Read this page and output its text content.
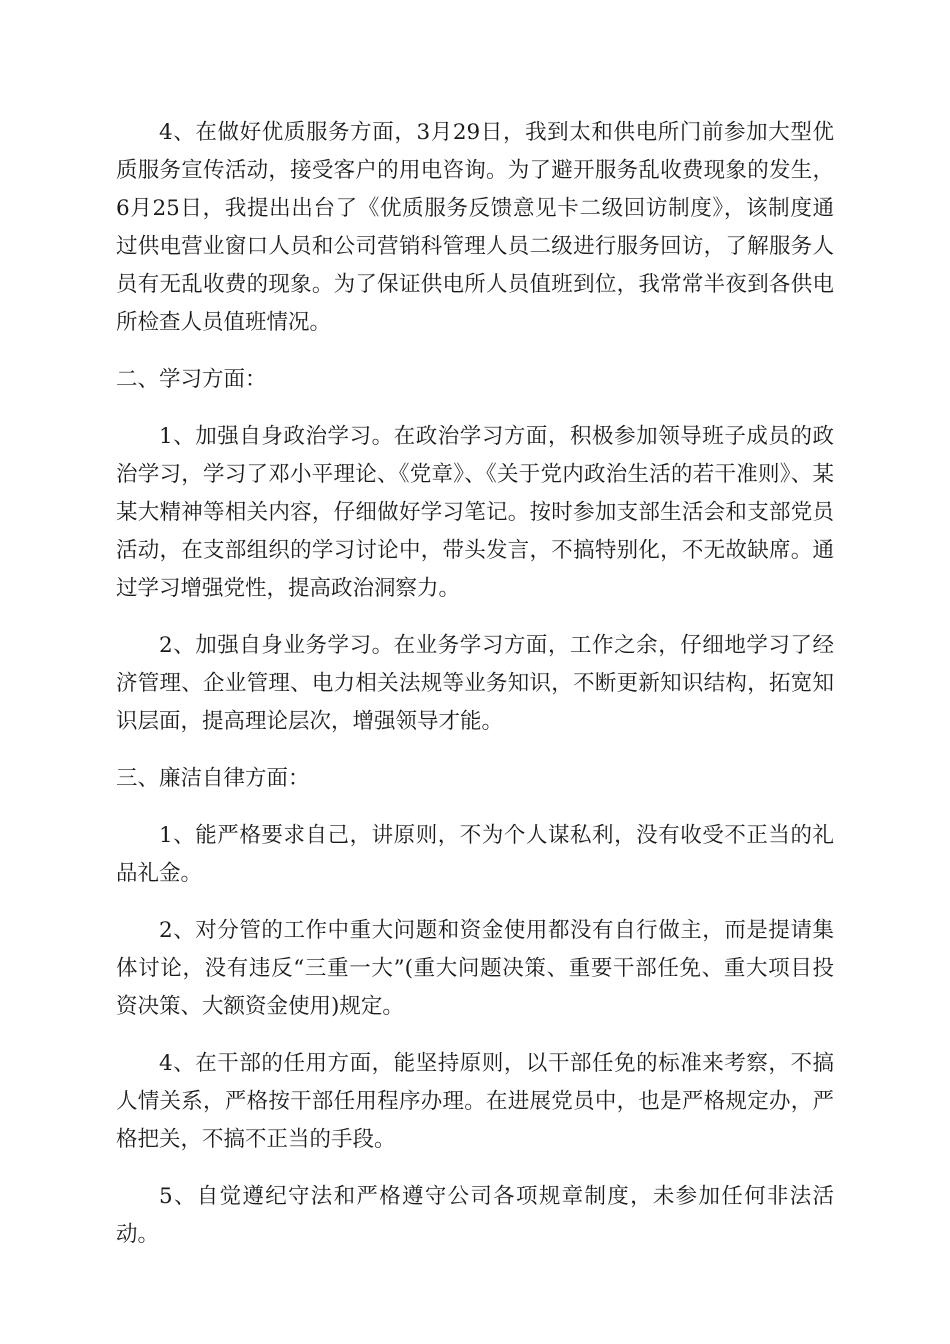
4、在做好优质服务方面，3月29日，我到太和供电所门前参加大型优质服务宣传活动，接受客户的用电咨询。为了避开服务乱收费现象的发生，6月25日，我提出出台了《优质服务反馈意见卡二级回访制度》，该制度通过供电营业窗口人员和公司营销科管理人员二级进行服务回访，了解服务人员有无乱收费的现象。为了保证供电所人员值班到位，我常常半夜到各供电所检查人员值班情况。

二、学习方面：

1、加强自身政治学习。在政治学习方面，积极参加领导班子成员的政治学习，学习了邓小平理论、《党章》、《关于党内政治生活的若干准则》、某某大精神等相关内容，仔细做好学习笔记。按时参加支部生活会和支部党员活动，在支部组织的学习讨论中，带头发言，不搞特别化，不无故缺席。通过学习增强党性，提高政治洞察力。

2、加强自身业务学习。在业务学习方面，工作之余，仔细地学习了经济管理、企业管理、电力相关法规等业务知识，不断更新知识结构，拓宽知识层面，提高理论层次，增强领导才能。

三、廉洁自律方面：

1、能严格要求自己，讲原则，不为个人谋私利，没有收受不正当的礼品礼金。

2、对分管的工作中重大问题和资金使用都没有自行做主，而是提请集体讨论，没有违反“三重一大”(重大问题决策、重要干部任免、重大项目投资决策、大额资金使用)规定。

4、在干部的任用方面，能坚持原则，以干部任免的标准来考察，不搞人情关系，严格按干部任用程序办理。在进展党员中，也是严格规定办，严格把关，不搞不正当的手段。

5、自觉遵纪守法和严格遵守公司各项规章制度，未参加任何非法活动。
